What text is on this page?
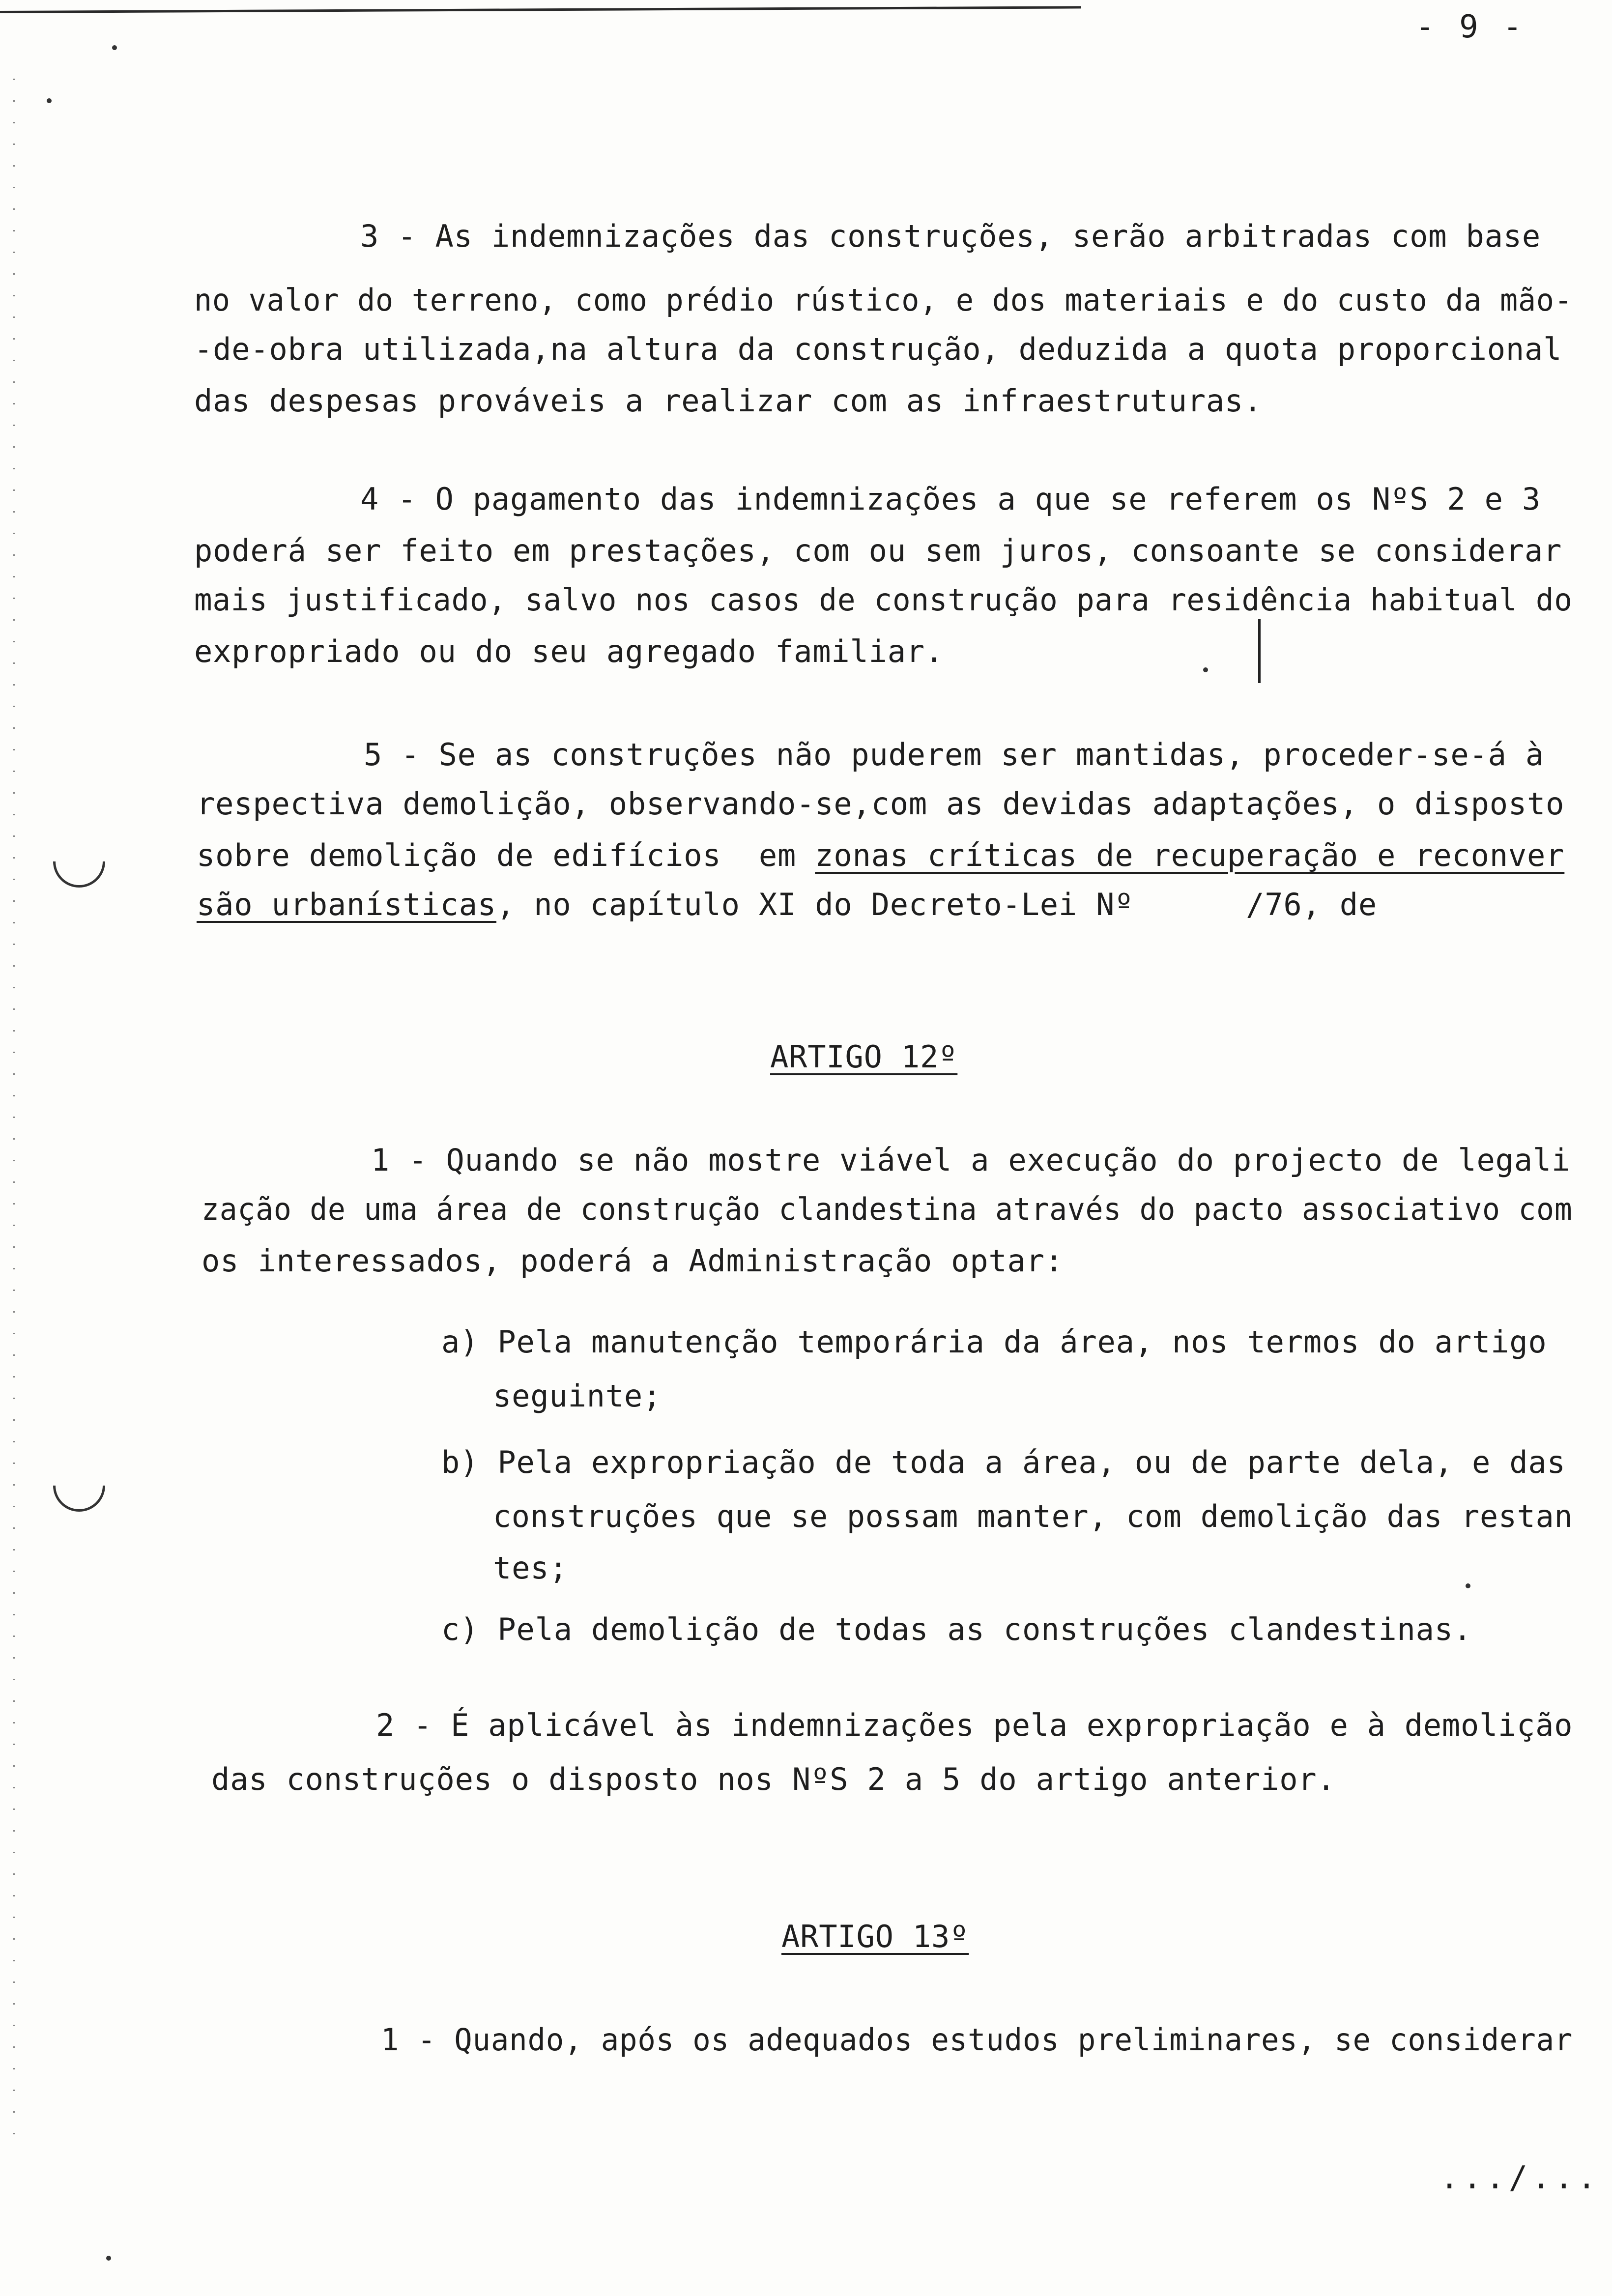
- 9 -
3 - As indemnizações das construções, serão arbitradas com base
no valor do terreno, como prédio rústico, e dos materiais e do custo da mão-
-de-obra utilizada,na altura da construção, deduzida a quota proporcional
das despesas prováveis a realizar com as infraestruturas.
4 - O pagamento das indemnizações a que se referem os NºS 2 e 3
poderá ser feito em prestações, com ou sem juros, consoante se considerar
mais justificado, salvo nos casos de construção para residência habitual do
expropriado ou do seu agregado familiar.
5 - Se as construções não puderem ser mantidas, proceder-se-á à
respectiva demolição, observando-se,com as devidas adaptações, o disposto
sobre demolição de edifícios  em zonas críticas de recuperação e reconver
são urbanísticas, no capítulo XI do Decreto-Lei Nº      /76, de
ARTIGO 12º
1 - Quando se não mostre viável a execução do projecto de legali
zação de uma área de construção clandestina através do pacto associativo com
os interessados, poderá a Administração optar:
a) Pela manutenção temporária da área, nos termos do artigo
seguinte;
b) Pela expropriação de toda a área, ou de parte dela, e das
construções que se possam manter, com demolição das restan
tes;
c) Pela demolição de todas as construções clandestinas.
2 - É aplicável às indemnizações pela expropriação e à demolição
das construções o disposto nos NºS 2 a 5 do artigo anterior.
ARTIGO 13º
1 - Quando, após os adequados estudos preliminares, se considerar
.../...
